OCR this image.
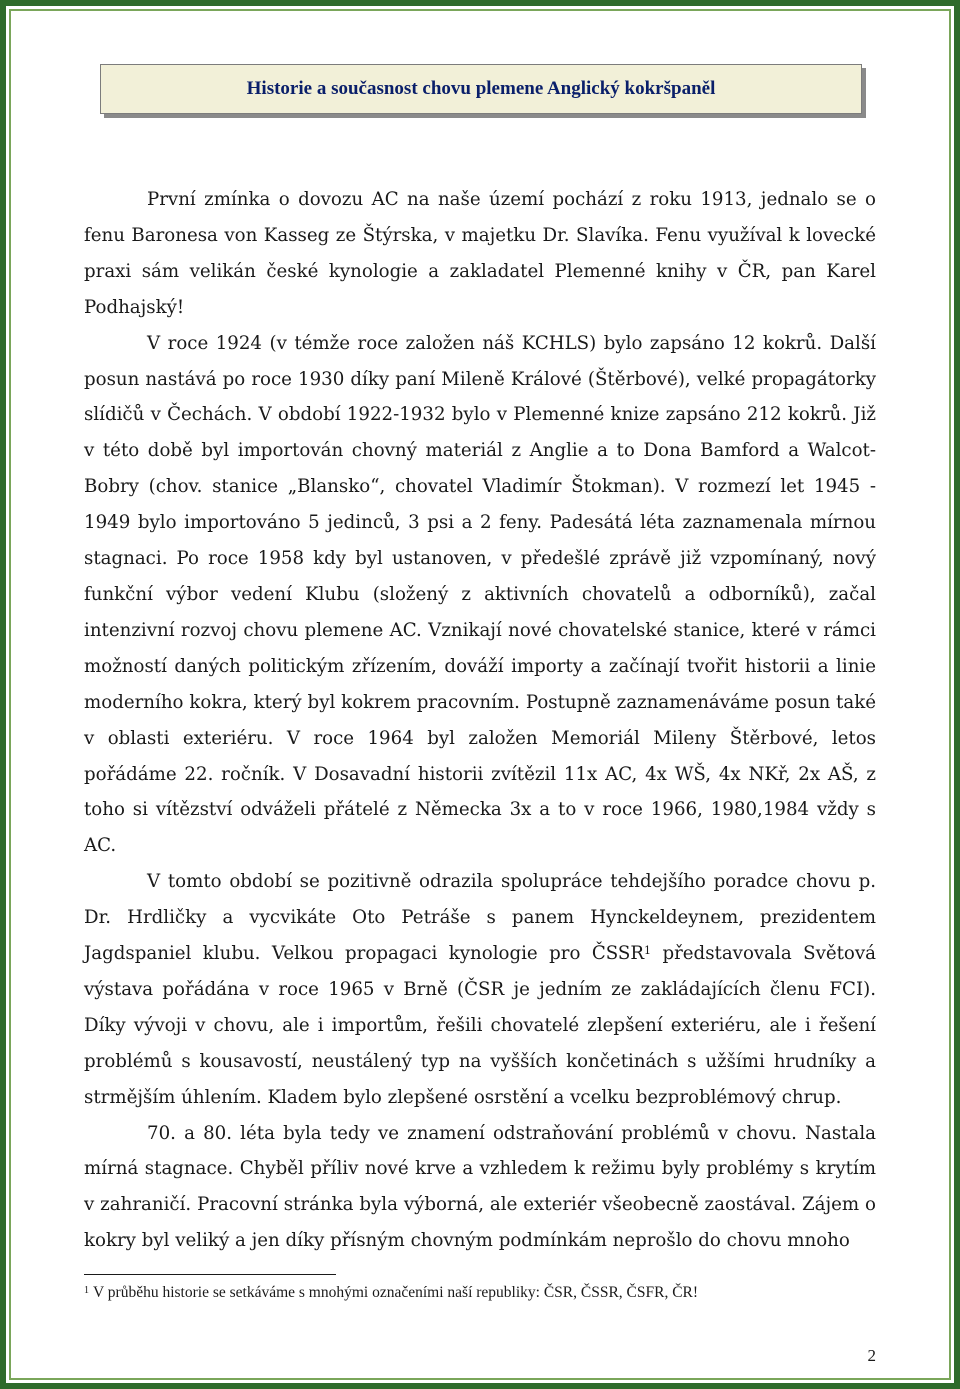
Historie a současnost chovu plemene Anglický kokršpaněl

První zmínka o dovozu AC na naše území pochází z roku 1913, jednalo se o fenu Baronesa von Kasseg ze Štýrska, v majetku Dr. Slavíka. Fenu využíval k lovecké praxi sám velikán české kynologie a zakladatel Plemenné knihy v ČR, pan Karel Podhajský!

V roce 1924 (v témže roce založen náš KCHLS) bylo zapsáno 12 kokrů. Další posun nastává po roce 1930 díky paní Mileně Králové (Štěrbové), velké propagátorky slídičů v Čechách. V období 1922-1932 bylo v Plemenné knize zapsáno 212 kokrů. Již v této době byl importován chovný materiál z Anglie a to Dona Bamford a Walcot-Bobry (chov. stanice „Blansko“, chovatel Vladimír Štokman). V rozmezí let 1945 - 1949 bylo importováno 5 jedinců, 3 psi a 2 feny. Padesátá léta zaznamenala mírnou stagnaci. Po roce 1958 kdy byl ustanoven, v předešlé zprávě již vzpomínaný, nový funkční výbor vedení Klubu (složený z aktivních chovatelů a odborníků), začal intenzivní rozvoj chovu plemene AC. Vznikají nové chovatelské stanice, které v rámci možností daných politickým zřízením, dováží importy a začínají tvořit historii a linie moderního kokra, který byl kokrem pracovním. Postupně zaznamenáváme posun také v oblasti exteriéru. V roce 1964 byl založen Memoriál Mileny Štěrbové, letos pořádáme 22. ročník. V Dosavadní historii zvítězil 11x AC, 4x WŠ, 4x NKř, 2x AŠ, z toho si vítězství odváželi přátelé z Německa 3x a to v roce 1966, 1980,1984 vždy s AC.

V tomto období se pozitivně odrazila spolupráce tehdejšího poradce chovu p. Dr. Hrdličky a vycvikáte Oto Petráše s panem Hynckeldeynem, prezidentem Jagdspaniel klubu. Velkou propagaci kynologie pro ČSSR$^1$ představovala Světová výstava pořádána v roce 1965 v Brně (ČSR je jedním ze zakládajících členu FCI). Díky vývoji v chovu, ale i importům, řešili chovatelé zlepšení exteriéru, ale i řešení problémů s kousavostí, neustálený typ na vyšších končetinách s užšími hrudníky a strmějším úhlením. Kladem bylo zlepšené osrstění a vcelku bezproblémový chrup.

70. a 80. léta byla tedy ve znamení odstraňování problémů v chovu. Nastala mírná stagnace. Chyběl příliv nové krve a vzhledem k režimu byly problémy s krytím v zahraničí. Pracovní stránka byla výborná, ale exteriér všeobecně zaostával. Zájem o kokry byl veliký a jen díky přísným chovným podmínkám neprošlo do chovu mnoho

$^1$ V průběhu historie se setkáváme s mnohými označeními naší republiky: ČSR, ČSSR, ČSFR, ČR!
2
